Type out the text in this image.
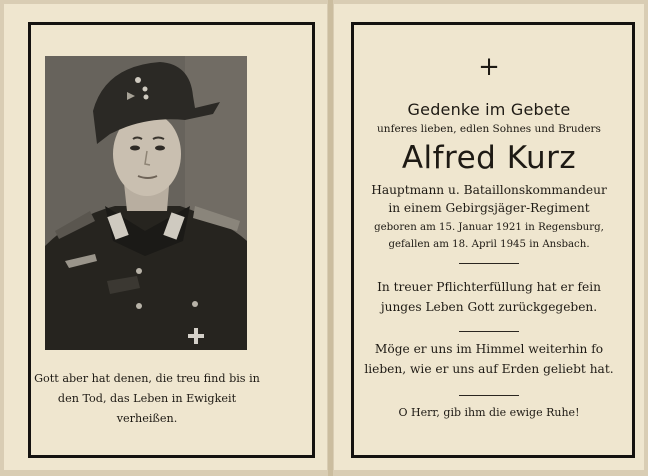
Gott aber hat denen, die treu find bis in
den Tod, das Leben in Ewigkeit verheißen.
+
Gedenke im Gebete
unferes lieben, edlen Sohnes und Bruders
Alfred Kurz
Hauptmann u. Bataillonskommandeur
in einem Gebirgsjäger-Regiment
geboren am 15. Januar 1921 in Regensburg,
gefallen am 18. April 1945 in Ansbach.
In treuer Pflichterfüllung hat er fein
junges Leben Gott zurückgegeben.
Möge er uns im Himmel weiterhin fo
lieben, wie er uns auf Erden geliebt hat.
O Herr, gib ihm die ewige Ruhe!
